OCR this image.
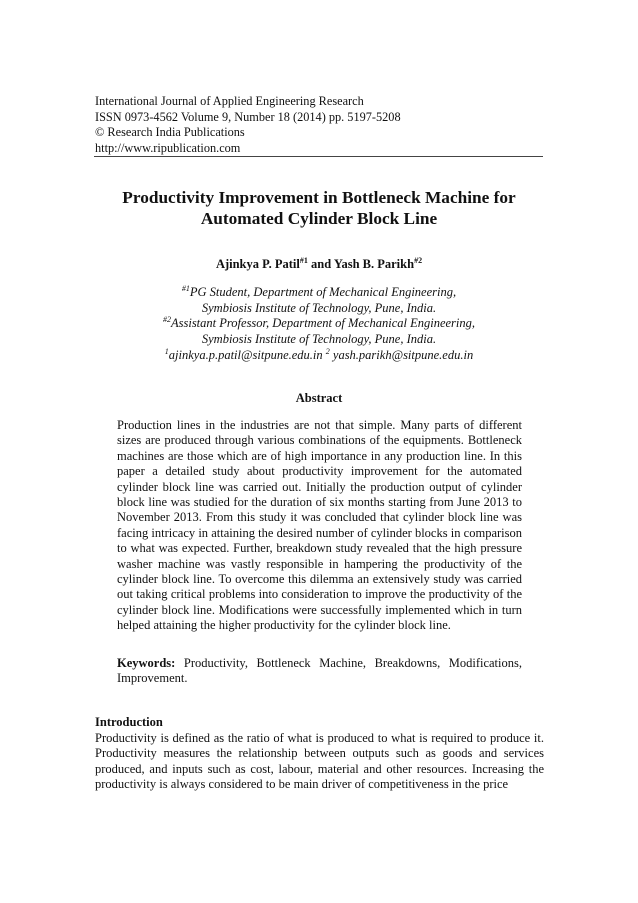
International Journal of Applied Engineering Research
ISSN 0973-4562 Volume 9, Number 18 (2014) pp. 5197-5208
© Research India Publications
http://www.ripublication.com
Productivity Improvement in Bottleneck Machine for
Automated Cylinder Block Line
Ajinkya P. Patil$^{\#1}$ and Yash B. Parikh$^{\#2}$
$^{\#1}$PG Student, Department of Mechanical Engineering,
Symbiosis Institute of Technology, Pune, India.
$^{\#2}$Assistant Professor, Department of Mechanical Engineering,
Symbiosis Institute of Technology, Pune, India.
$^1$ajinkya.p.patil@sitpune.edu.in $^2$ yash.parikh@sitpune.edu.in
Abstract
Production lines in the industries are not that simple. Many parts of different sizes are produced through various combinations of the equipments. Bottleneck machines are those which are of high importance in any production line. In this paper a detailed study about productivity improvement for the automated cylinder block line was carried out. Initially the production output of cylinder block line was studied for the duration of six months starting from June 2013 to November 2013. From this study it was concluded that cylinder block line was facing intricacy in attaining the desired number of cylinder blocks in comparison to what was expected. Further, breakdown study revealed that the high pressure washer machine was vastly responsible in hampering the productivity of the cylinder block line. To overcome this dilemma an extensively study was carried out taking critical problems into consideration to improve the productivity of the cylinder block line. Modifications were successfully implemented which in turn helped attaining the higher productivity for the cylinder block line.
Keywords: Productivity, Bottleneck Machine, Breakdowns, Modifications, Improvement.
Introduction
Productivity is defined as the ratio of what is produced to what is required to produce it. Productivity measures the relationship between outputs such as goods and services produced, and inputs such as cost, labour, material and other resources. Increasing the productivity is always considered to be main driver of competitiveness in the price
